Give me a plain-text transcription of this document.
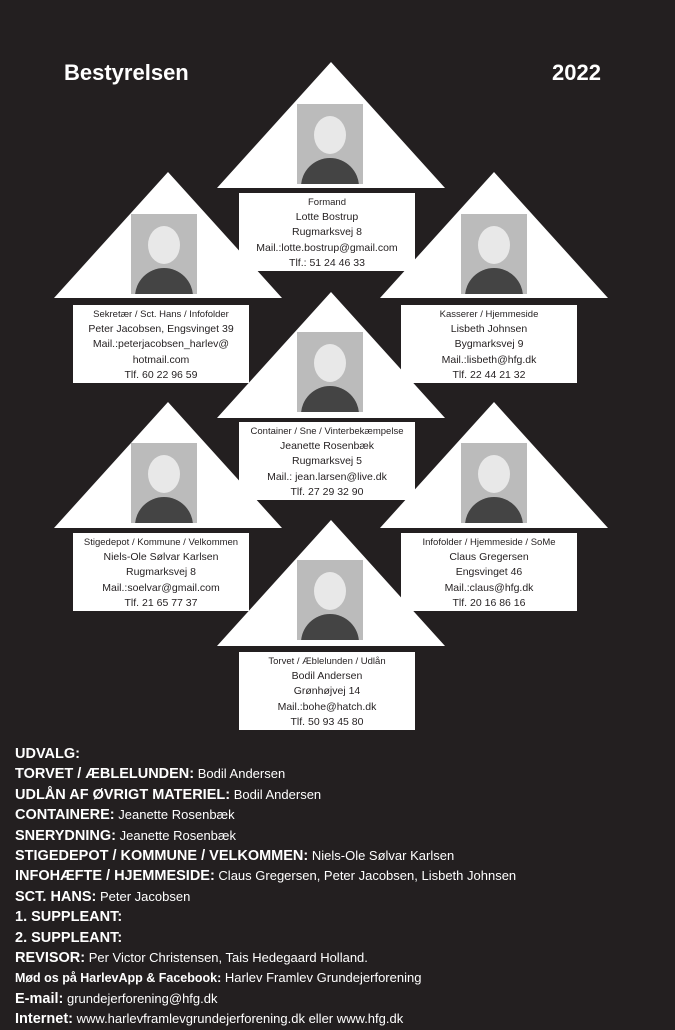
Bestyrelsen	2022
Formand
Lotte Bostrup
Rugmarksvej 8
Mail.:lotte.bostrup@gmail.com
Tlf.: 51 24 46 33
Sekretær / Sct. Hans / Infofolder
Peter Jacobsen, Engsvinget 39
Mail.:peterjacobsen_harlev@
hotmail.com
Tlf. 60 22 96 59
Kasserer / Hjemmeside
Lisbeth Johnsen
Bygmarksvej 9
Mail.:lisbeth@hfg.dk
Tlf. 22 44 21 32
Container / Sne / Vinterbekæmpelse
Jeanette Rosenbæk
Rugmarksvej 5
Mail.: jean.larsen@live.dk
Tlf. 27 29 32 90
Stigedepot / Kommune / Velkommen
Niels-Ole Sølvar Karlsen
Rugmarksvej 8
Mail.:soelvar@gmail.com
Tlf. 21 65 77 37
Infofolder / Hjemmeside / SoMe
Claus Gregersen
Engsvinget 46
Mail.:claus@hfg.dk
Tlf. 20 16 86 16
Torvet / Æblelunden / Udlån
Bodil Andersen
Grønhøjvej 14
Mail.:bohe@hatch.dk
Tlf. 50 93 45 80
UDVALG:
TORVET / ÆBLELUNDEN: Bodil Andersen
UDLÅN AF ØVRIGT MATERIEL: Bodil Andersen
CONTAINERE: Jeanette Rosenbæk
SNERYDNING: Jeanette Rosenbæk
STIGEDEPOT / KOMMUNE / VELKOMMEN: Niels-Ole Sølvar Karlsen
INFOHÆFTE / HJEMMESIDE: Claus Gregersen, Peter Jacobsen, Lisbeth Johnsen
SCT. HANS: Peter Jacobsen
1. SUPPLEANT:
2. SUPPLEANT:
REVISOR: Per Victor Christensen, Tais Hedegaard Holland.
Mød os på HarlevApp & Facebook: Harlev Framlev Grundejerforening
E-mail: grundejerforening@hfg.dk
Internet: www.harlevframlevgrundejerforening.dk eller www.hfg.dk
